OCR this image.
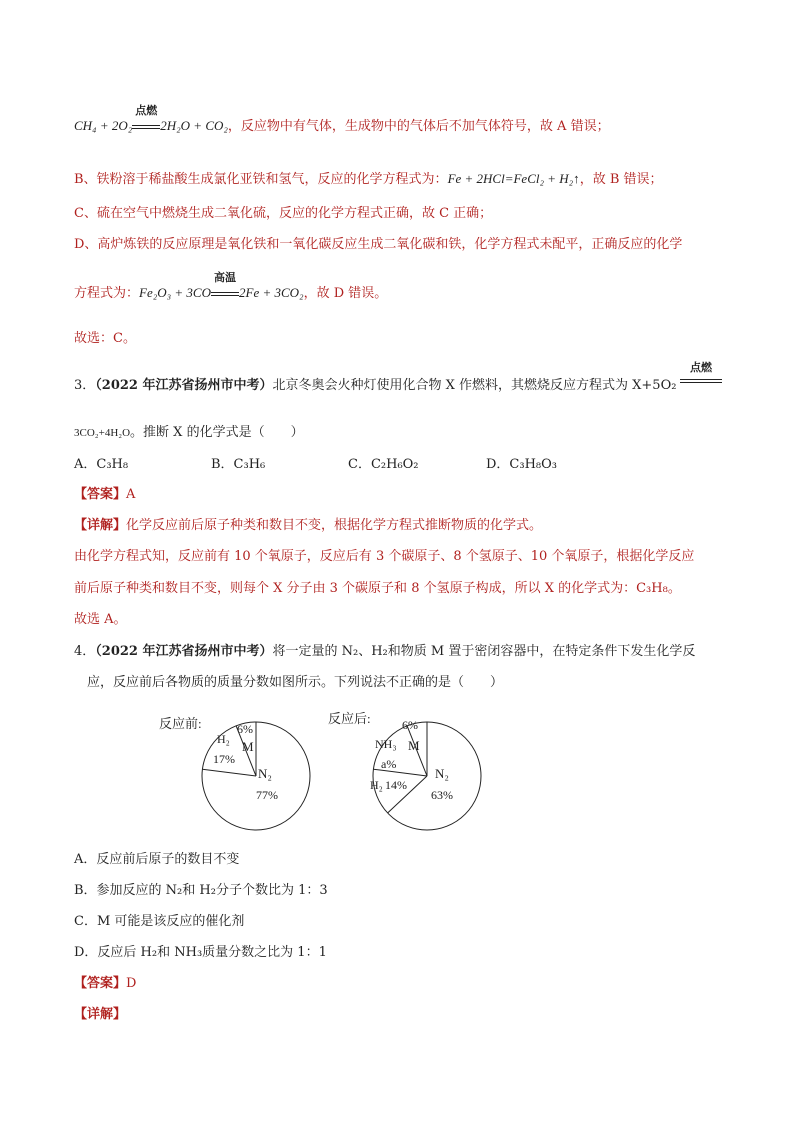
CH₄ + 2O₂
点燃
2H₂O + CO₂，反应物中有气体，生成物中的气体后不加气体符号，故 A 错误；
B、铁粉溶于稀盐酸生成氯化亚铁和氢气，反应的化学方程式为：Fe + 2HCl=FeCl₂ + H₂↑，故 B 错误；
C、硫在空气中燃烧生成二氧化硫，反应的化学方程式正确，故 C 正确；
D、高炉炼铁的反应原理是氧化铁和一氧化碳反应生成二氧化碳和铁，化学方程式未配平，正确反应的化学
方程式为：Fe₂O₃ + 3CO
高温
2Fe + 3CO₂，故 D 错误。
故选：C。
3．（2022 年江苏省扬州市中考）北京冬奥会火种灯使用化合物 X 作燃料，其燃烧反应方程式为 X+5O₂
点燃
3CO₂+4H₂O。推断 X 的化学式是（　　）
A．C₃H₈	B．C₃H₆	C．C₂H₆O₂	D．C₃H₈O₃
【答案】A
【详解】化学反应前后原子种类和数目不变，根据化学方程式推断物质的化学式。
由化学方程式知，反应前有 10 个氧原子，反应后有 3 个碳原子、8 个氢原子、10 个氧原子，根据化学反应
前后原子种类和数目不变，则每个 X 分子由 3 个碳原子和 8 个氢原子构成，所以 X 的化学式为：C₃H₈。
故选 A。
4．（2022 年江苏省扬州市中考）将一定量的 N₂、H₂和物质 M 置于密闭容器中，在特定条件下发生化学反
应，反应前后各物质的质量分数如图所示。下列说法不正确的是（　　）
反应前:	反应后:
6%
M
H₂
17%
N₂
77%
6%
M
NH₃
a%
H₂ 14%
N₂
63%
A．反应前后原子的数目不变
B．参加反应的 N₂和 H₂分子个数比为 1：3
C．M 可能是该反应的催化剂
D．反应后 H₂和 NH₃质量分数之比为 1：1
【答案】D
【详解】
